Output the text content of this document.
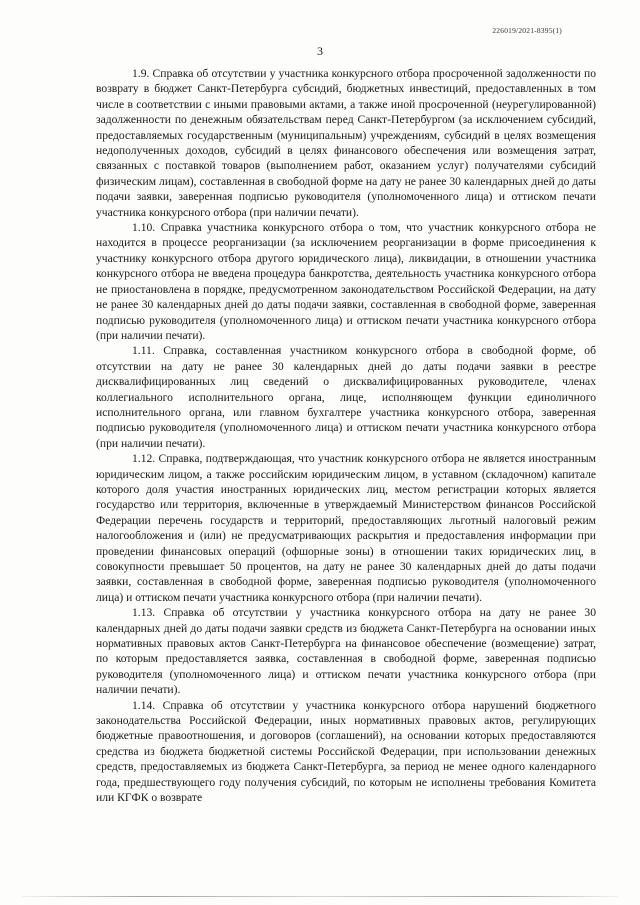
226019/2021-8395(1)
3

1.9. Справка об отсутствии у участника конкурсного отбора просроченной задолженности по возврату в бюджет Санкт-Петербурга субсидий, бюджетных инвестиций, предоставленных в том числе в соответствии с иными правовыми актами, а также иной просроченной (неурегулированной) задолженности по денежным обязательствам перед Санкт-Петербургом (за исключением субсидий, предоставляемых государственным (муниципальным) учреждениям, субсидий в целях возмещения недополученных доходов, субсидий в целях финансового обеспечения или возмещения затрат, связанных с поставкой товаров (выполнением работ, оказанием услуг) получателями субсидий физическим лицам), составленная в свободной форме на дату не ранее 30 календарных дней до даты подачи заявки, заверенная подписью руководителя (уполномоченного лица) и оттиском печати участника конкурсного отбора (при наличии печати).

1.10. Справка участника конкурсного отбора о том, что участник конкурсного отбора не находится в процессе реорганизации (за исключением реорганизации в форме присоединения к участнику конкурсного отбора другого юридического лица), ликвидации, в отношении участника конкурсного отбора не введена процедура банкротства, деятельность участника конкурсного отбора не приостановлена в порядке, предусмотренном законодательством Российской Федерации, на дату не ранее 30 календарных дней до даты подачи заявки, составленная в свободной форме, заверенная подписью руководителя (уполномоченного лица) и оттиском печати участника конкурсного отбора (при наличии печати).

1.11. Справка, составленная участником конкурсного отбора в свободной форме, об отсутствии на дату не ранее 30 календарных дней до даты подачи заявки в реестре дисквалифицированных лиц сведений о дисквалифицированных руководителе, членах коллегиального исполнительного органа, лице, исполняющем функции единоличного исполнительного органа, или главном бухгалтере участника конкурсного отбора, заверенная подписью руководителя (уполномоченного лица) и оттиском печати участника конкурсного отбора (при наличии печати).

1.12. Справка, подтверждающая, что участник конкурсного отбора не является иностранным юридическим лицом, а также российским юридическим лицом, в уставном (складочном) капитале которого доля участия иностранных юридических лиц, местом регистрации которых является государство или территория, включенные в утверждаемый Министерством финансов Российской Федерации перечень государств и территорий, предоставляющих льготный налоговый режим налогообложения и (или) не предусматривающих раскрытия и предоставления информации при проведении финансовых операций (офшорные зоны) в отношении таких юридических лиц, в совокупности превышает 50 процентов, на дату не ранее 30 календарных дней до даты подачи заявки, составленная в свободной форме, заверенная подписью руководителя (уполномоченного лица) и оттиском печати участника конкурсного отбора (при наличии печати).

1.13. Справка об отсутствии у участника конкурсного отбора на дату не ранее 30 календарных дней до даты подачи заявки средств из бюджета Санкт-Петербурга на основании иных нормативных правовых актов Санкт-Петербурга на финансовое обеспечение (возмещение) затрат, по которым предоставляется заявка, составленная в свободной форме, заверенная подписью руководителя (уполномоченного лица) и оттиском печати участника конкурсного отбора (при наличии печати).

1.14. Справка об отсутствии у участника конкурсного отбора нарушений бюджетного законодательства Российской Федерации, иных нормативных правовых актов, регулирующих бюджетные правоотношения, и договоров (соглашений), на основании которых предоставляются средства из бюджета бюджетной системы Российской Федерации, при использовании денежных средств, предоставляемых из бюджета Санкт-Петербурга, за период не менее одного календарного года, предшествующего году получения субсидий, по которым не исполнены требования Комитета или КГФК о возврате
